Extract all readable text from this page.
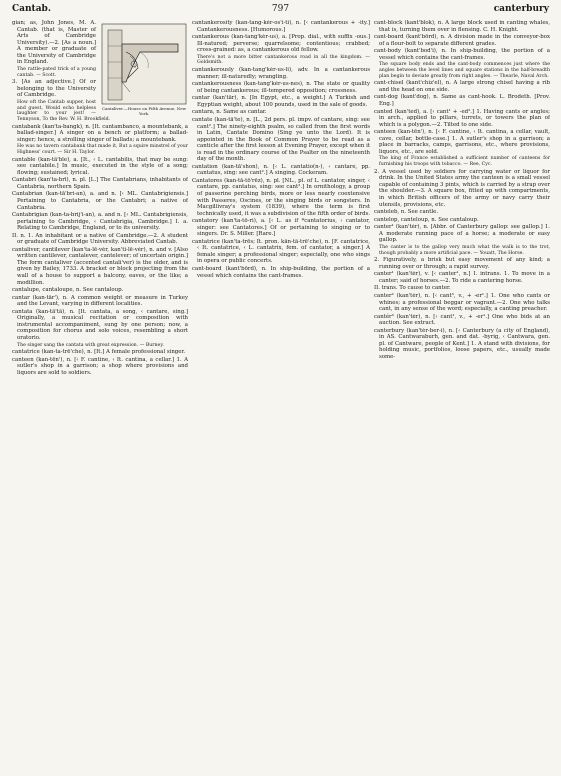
Cantab.	797	canterbury
Cantaliver.—House on Fifth Avenue, New York.
gian; as, John Jones, M. A. Cantab. (that is, Master of Arts of Cambridge University).—2. [As a noun.] A member or graduate of the University of Cambridge in England.
The rattle-pated trick of a young cantab. — Scott.
3. [As an adjective.] Of or belonging to the University of Cambridge.
How oft the Cantab supper, host and guest, Would echo helpless laughter to your jest! — Tennyson, To the Rev. W. H. Brookfield.
cantabank (kan'ta-bangk), n. [It. cantambanco, a mountebank, a ballad-singer.] A singer on a bench or platform; a ballad-singer; hence, a strolling singer of ballads; a mountebank.
He was no tavern cantabank that made it, But a squire minstrel of your Highness' court. — Sir H. Taylor.
cantable (kan-tä'ble), a. [It., ‹ L. cantabilis, that may be sung: see cantabile.] In music, executed in the style of a song; flowing; sustained; lyrical.
Cantabri (kan'ta-brī), n. pl. [L.] The Cantabrians, inhabitants of Cantabria, northern Spain.
Cantabrian (kan-tā'bri-an), a. and n. [‹ ML. Cantabrigiensis.] Pertaining to Cantabria, or the Cantabri; a native of Cantabria.
Cantabrigian (kan-ta-brij'i-an), a. and n. [‹ ML. Cantabrigiensis, pertaining to Cambridge, ‹ Cantabrigia, Cambridge.] I. a. Relating to Cambridge, England, or to its university.
II. n. 1. An inhabitant or a native of Cambridge.—2. A student or graduate of Cambridge University. Abbreviated Cantab.
cantaliver, cantilever (kan'ta-lē-vėr, kan'ti-lē-vėr), n. and v. [Also written cantilever, cantalever, cantelever; of uncertain origin.] The form cantaliver (accented cantali'ver) is the older, and is given by Bailey, 1733. A bracket or block projecting from the wall of a house to support a balcony, eaves, or the like; a modillion.
cantalupe, cantaloupe, n. See cantaloup.
cantar (kan-tär'), n. A common weight or measure in Turkey and the Levant, varying in different localities.
cantata (kan-tä'tä), n. [It. cantata, a song, ‹ cantare, sing.] Originally, a musical recitation or composition with instrumental accompaniment, sung by one person; now, a composition for chorus and solo voices, resembling a short oratorio.
The singer sang the cantata with great expression. — Burney.
cantatrice (kan-ta-trē'che), n. [It.] A female professional singer.
canteen (kan-tēn'), n. [‹ F. cantine, ‹ It. cantina, a cellar.] 1. A sutler's shop in a garrison; a shop where provisions and liquors are sold to soldiers.
cantankerosity (kan-tang-kėr-os'i-ti), n. [‹ cantankerous + -ity.] Cantankerousness. [Humorous.]
cantankerous (kan-tang'kėr-us), a. [Prop. dial., with suffix -ous.] Ill-natured; perverse; quarrelsome; contentious; crabbed; cross-grained: as, a cantankerous old fellow.
There's not a more bitter cantankerous road in all the kingdom. — Goldsmith.
cantankerously (kan-tang'kėr-us-li), adv. In a cantankerous manner; ill-naturedly; wrangling.
cantankerousness (kan-tang'kėr-us-nes), n. The state or quality of being cantankerous; ill-tempered opposition; crossness.
cantar (kan'tär), n. [In Egypt, etc., a weight.] A Turkish and Egyptian weight, about 100 pounds, used in the sale of goods.
cantara, n. Same as cantar.
cantate (kan-tä'te), n. [L., 2d pers. pl. impv. of cantare, sing: see cant².] The ninety-eighth psalm, so called from the first words in Latin, Cantate Domino (Sing ye unto the Lord). It is appointed in the Book of Common Prayer to be read as a canticle after the first lesson at Evening Prayer, except when it is read in the ordinary course of the Psalter on the nineteenth day of the month.
cantation (kan-tā'shon), n. [‹ L. cantatio(n-), ‹ cantare, pp. cantatus, sing: see cant².] A singing. Cockeram.
Cantatores (kan-tā-tō'rēz), n. pl. [NL., pl. of L. cantator, singer, ‹ cantare, pp. cantatus, sing: see cant².] In ornithology, a group of passerine perching birds, more or less nearly coextensive with Passeres, Oscines, or the singing birds or songsters. In Macgillivray's system (1839), where the term is first technically used, it was a subdivision of the fifth order of birds.
cantatory (kan'ta-tō-ri), a. [‹ L. as if *cantatorius, ‹ cantator, singer: see Cantatores.] Of or pertaining to singing or to singers. Dr. S. Miller. [Rare.]
cantatrice (kan'ta-trēs; It. pron. kän-tä-trē'che), n. [F. cantatrice, ‹ It. cantatrice, ‹ L. cantatrix, fem. of cantator, a singer.] A female singer; a professional singer; especially, one who sings in opera or public concerts.
cant-board (kant'bōrd), n. In ship-building, the portion of a vessel which contains the cant-frames.
cant-block (kant'blok), n. A large block used in canting whales, that is, turning them over in flensing. C. H. Knight.
cant-board (kant'bōrd), n. A division made in the conveyor-box of a flour-bolt to separate different grades.
cant-body (kant'bod'i), n. In ship-building, the portion of a vessel which contains the cant-frames.
The square body ends and the cant-body commences just where the angles between the level lines and square stations in the half-breadth plan begin to deviate greatly from right angles. — Thearle, Naval Arch.
cant-chisel (kant'chiz'el), n. A large strong chisel having a rib and the head on one side.
cant-dog (kant'dog), n. Same as cant-hook. L. Brodeth. [Prov. Eng.]
canted (kan'ted), a. [‹ cant¹ + -ed².] 1. Having cants or angles; in arch., applied to pillars, turrets, or towers the plan of which is a polygon.—2. Tilted to one side.
canteen (kan-tēn'), n. [‹ F. cantine, ‹ It. cantina, a cellar, vault, cave, cellar, bottle-case.] 1. A sutler's shop in a garrison; a place in barracks, camps, garrisons, etc., where provisions, liquors, etc., are sold.
The king of France established a sufficient number of canteens for furnishing his troops with tobacco. — Ree, Cyc.
2. A vessel used by soldiers for carrying water or liquor for drink. In the United States army the canteen is a small vessel capable of containing 3 pints, which is carried by a strap over the shoulder.—3. A square box, fitted up with compartments, in which British officers of the army or navy carry their utensils, provisions, etc.
canteleb, n. See cantle.
cantelop, canteloup, n. See cantaloup.
canter¹ (kan'tėr), n. [Abbr. of Canterbury gallop: see gallop.] 1. A moderate running pace of a horse; a moderate or easy gallop.
The canter is to the gallop very much what the walk is to the trot, though probably a more artificial pace. — Youatt, The Horse.
2. Figuratively, a brisk but easy movement of any kind; a running over or through; a rapid survey.
canter¹ (kan'tėr), v. [‹ canter¹, n.] I. intrans. 1. To move in a canter; said of horses.—2. To ride a cantering horse.
II. trans. To cause to canter.
canter² (kan'tėr), n. [‹ cant³, v., + -er¹.] 1. One who cants or whines; a professional beggar or vagrant.—2. One who talks cant, in any sense of the word; especially, a canting preacher.
cantér³ (kan'tėr), n. [‹ cant¹, v., + -er¹.] One who bids at an auction. See extract.
canterbury (kan'tėr-ber-i), n. [‹ Canterbury (a city of England), in AS. Cantwaraburh, gen. and dat. -byrig, ‹ Cantwara, gen. pl. of Cantware, people of Kent.] 1. A stand with divisions, for holding music, portfolios, loose papers, etc., usually made some-
